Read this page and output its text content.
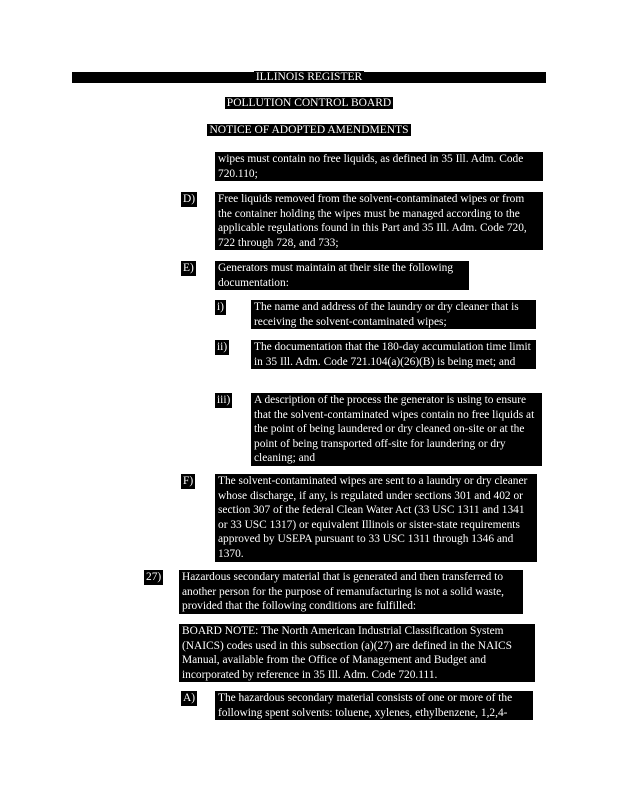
ILLINOIS REGISTER
POLLUTION CONTROL BOARD
NOTICE OF ADOPTED AMENDMENTS
wipes must contain no free liquids, as defined in 35 Ill. Adm. Code 720.110;
D) Free liquids removed from the solvent-contaminated wipes or from the container holding the wipes must be managed according to the applicable regulations found in this Part and 35 Ill. Adm. Code 720, 722 through 728, and 733;
E) Generators must maintain at their site the following documentation:
i)	The name and address of the laundry or dry cleaner that is receiving the solvent-contaminated wipes;
ii) The documentation that the 180-day accumulation time limit in 35 Ill. Adm. Code 721.104(a)(26)(B) is being met; and
iii) A description of the process the generator is using to ensure that the solvent-contaminated wipes contain no free liquids at the point of being laundered or dry cleaned on-site or at the point of being transported off-site for laundering or dry cleaning; and
F) The solvent-contaminated wipes are sent to a laundry or dry cleaner whose discharge, if any, is regulated under sections 301 and 402 or section 307 of the federal Clean Water Act (33 USC 1311 and 1341 or 33 USC 1317) or equivalent Illinois or sister-state requirements approved by USEPA pursuant to 33 USC 1311 through 1346 and 1370.
27) Hazardous secondary material that is generated and then transferred to another person for the purpose of remanufacturing is not a solid waste, provided that the following conditions are fulfilled:
BOARD NOTE: The North American Industrial Classification System (NAICS) codes used in this subsection (a)(27) are defined in the NAICS Manual, available from the Office of Management and Budget and incorporated by reference in 35 Ill. Adm. Code 720.111.
A) The hazardous secondary material consists of one or more of the following spent solvents: toluene, xylenes, ethylbenzene, 1,2,4-
